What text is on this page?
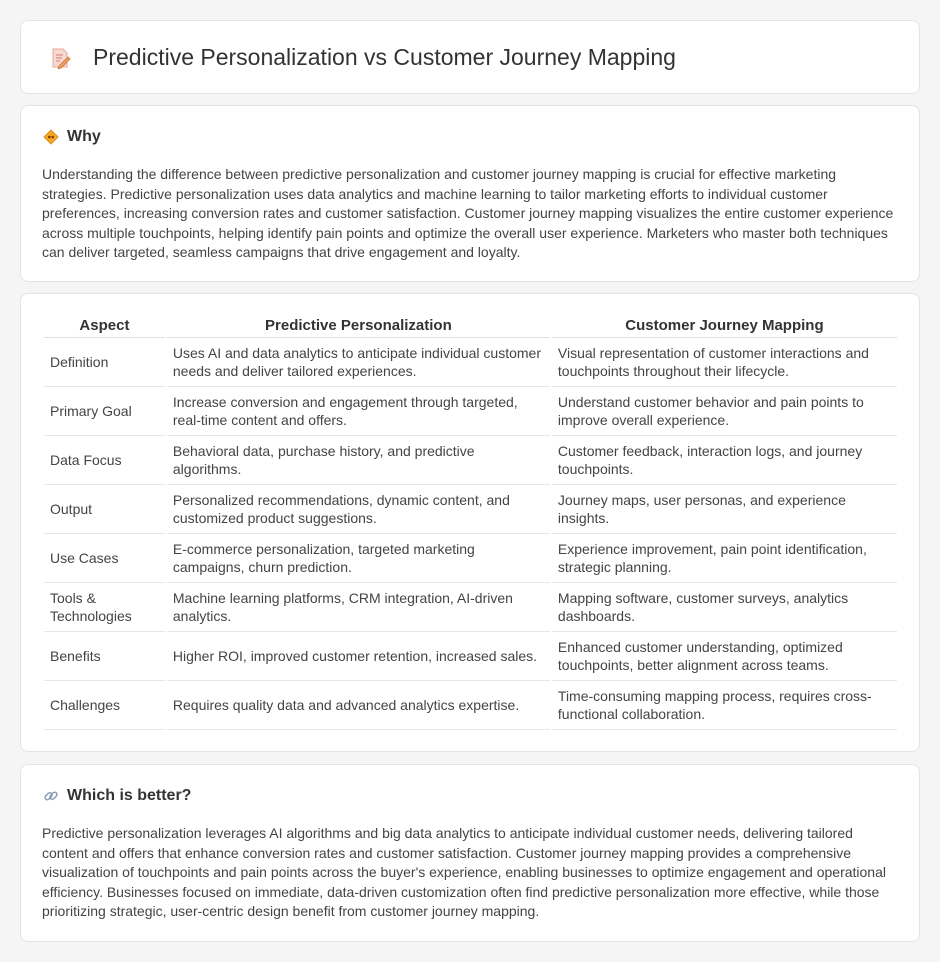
Predictive Personalization vs Customer Journey Mapping
Why

Understanding the difference between predictive personalization and customer journey mapping is crucial for effective marketing strategies. Predictive personalization uses data analytics and machine learning to tailor marketing efforts to individual customer preferences, increasing conversion rates and customer satisfaction. Customer journey mapping visualizes the entire customer experience across multiple touchpoints, helping identify pain points and optimize the overall user experience. Marketers who master both techniques can deliver targeted, seamless campaigns that drive engagement and loyalty.

Aspect	Predictive Personalization	Customer Journey Mapping
Definition	Uses AI and data analytics to anticipate individual customer needs and deliver tailored experiences.	Visual representation of customer interactions and touchpoints throughout their lifecycle.
Primary Goal	Increase conversion and engagement through targeted, real-time content and offers.	Understand customer behavior and pain points to improve overall experience.
Data Focus	Behavioral data, purchase history, and predictive algorithms.	Customer feedback, interaction logs, and journey touchpoints.
Output	Personalized recommendations, dynamic content, and customized product suggestions.	Journey maps, user personas, and experience insights.
Use Cases	E-commerce personalization, targeted marketing campaigns, churn prediction.	Experience improvement, pain point identification, strategic planning.
Tools & Technologies	Machine learning platforms, CRM integration, AI-driven analytics.	Mapping software, customer surveys, analytics dashboards.
Benefits	Higher ROI, improved customer retention, increased sales.	Enhanced customer understanding, optimized touchpoints, better alignment across teams.
Challenges	Requires quality data and advanced analytics expertise.	Time-consuming mapping process, requires cross-functional collaboration.
Which is better?

Predictive personalization leverages AI algorithms and big data analytics to anticipate individual customer needs, delivering tailored content and offers that enhance conversion rates and customer satisfaction. Customer journey mapping provides a comprehensive visualization of touchpoints and pain points across the buyer's experience, enabling businesses to optimize engagement and operational efficiency. Businesses focused on immediate, data-driven customization often find predictive personalization more effective, while those prioritizing strategic, user-centric design benefit from customer journey mapping.
